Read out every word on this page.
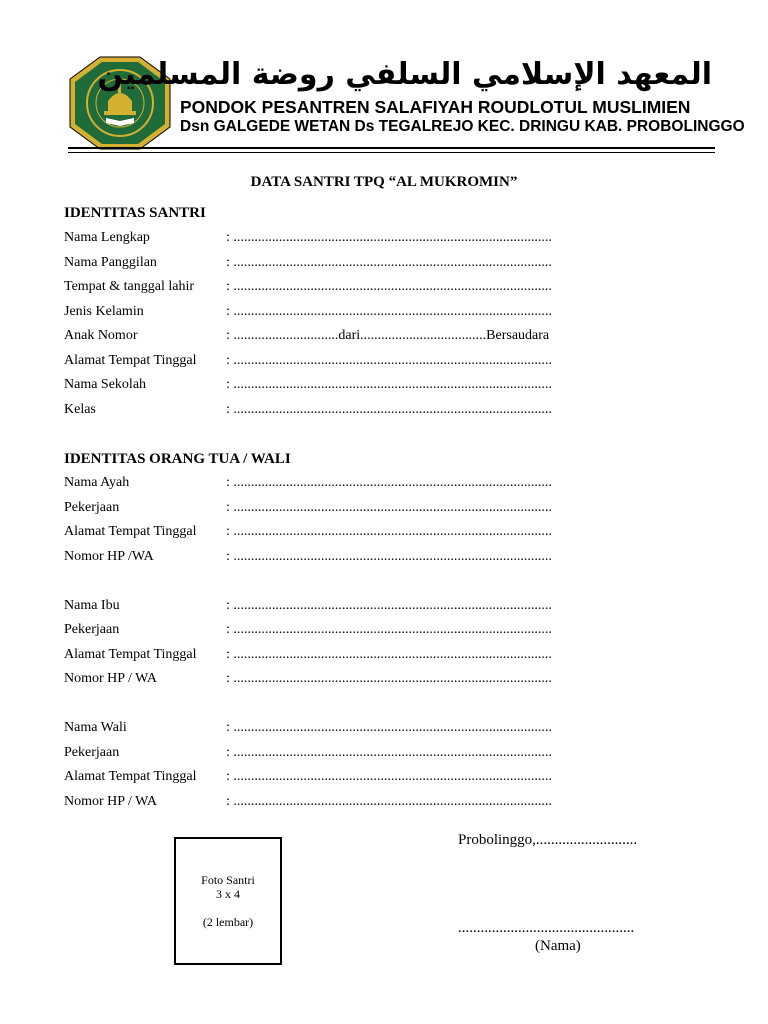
المعهد الإسلامي السلفي روضة المسلمين
PONDOK PESANTREN SALAFIYAH ROUDLOTUL MUSLIMIEN
Dsn GALGEDE WETAN Ds TEGALREJO KEC. DRINGU KAB. PROBOLINGGO
DATA SANTRI TPQ “AL MUKROMIN”
IDENTITAS SANTRI
Nama Lengkap	: ...........................................................................................
Nama Panggilan	: ...........................................................................................
Tempat & tanggal lahir : ...........................................................................................
Jenis Kelamin	: ...........................................................................................
Anak Nomor	: ..............................dari....................................Bersaudara
Alamat Tempat Tinggal : ...........................................................................................
Nama Sekolah	: ...........................................................................................
Kelas	: ...........................................................................................
IDENTITAS ORANG TUA / WALI
Nama Ayah	: ...........................................................................................
Pekerjaan	: ...........................................................................................
Alamat Tempat Tinggal : ...........................................................................................
Nomor HP /WA	: ...........................................................................................
Nama Ibu	: ...........................................................................................
Pekerjaan	: ...........................................................................................
Alamat Tempat Tinggal : ...........................................................................................
Nomor HP / WA	: ...........................................................................................
Nama Wali	: ...........................................................................................
Pekerjaan	: ...........................................................................................
Alamat Tempat Tinggal : ...........................................................................................
Nomor HP / WA	: ...........................................................................................
Foto Santri
3 x 4
(2 lembar)
Probolinggo,...........................
...............................................
(Nama)
